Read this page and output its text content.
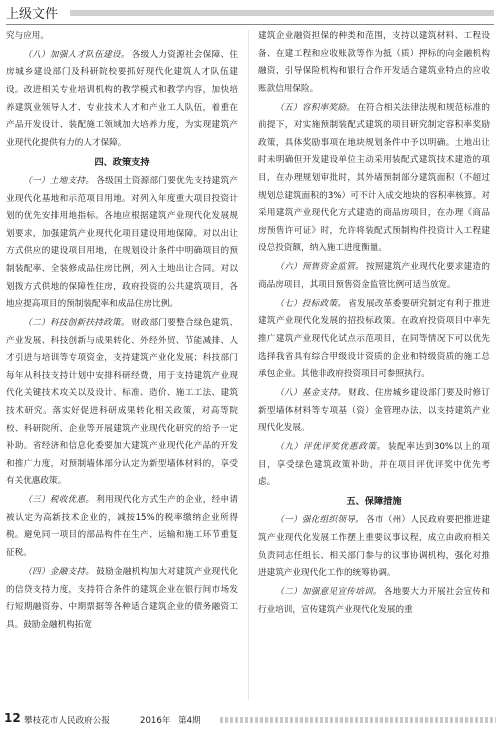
上级文件

究与应用。

（八）加强人才队伍建设。 各级人力资源社会保障、住房城乡建设部门及科研院校要抓好现代化建筑人才队伍建设。改进相关专业培训机构的教学模式和教学内容，加快培养建筑业领导人才、专业技术人才和产业工人队伍，着重在产品开发设计、装配施工领域加大培养力度，为实现建筑产业现代化提供有力的人才保障。

四、政策支持

（一）土地支持。 各级国土资源部门要优先支持建筑产业现代化基地和示范项目用地。对列入年度重大项目投资计划的优先安排用地指标。各地应根据建筑产业现代化发展规划要求，加强建筑产业现代化项目建设用地保障。对以出让方式供应的建设项目用地，在规划设计条件中明确项目的预制装配率、全装修成品住房比例，列入土地出让合同。对以划拨方式供地的保障性住房，政府投资的公共建筑项目，各地应提高项目的预制装配率和成品住房比例。

（二）科技创新扶持政策。 财政部门要整合绿色建筑、产业发展、科技创新与成果转化、外经外贸、节能减排、人才引进与培训等专项资金，支持建筑产业化发展；科技部门每年从科技支持计划中安排科研经费，用于支持建筑产业现代化关键技术攻关以及设计、标准、造价、施工工法、建筑技术研究。落实好促进科研成果转化相关政策，对高等院校、科研院所、企业等开展建筑产业现代化研究的给予一定补助。省经济和信息化委要加大建筑产业现代化产品的开发和推广力度，对预制墙体部分认定为新型墙体材料的，享受有关优惠政策。

（三）税收优惠。 利用现代化方式生产的企业，经申请被认定为高新技术企业的，减按15%的税率缴纳企业所得税。避免同一项目的部品构件在生产、运输和施工环节重复征税。

（四）金融支持。 鼓励金融机构加大对建筑产业现代化的信贷支持力度，支持符合条件的建筑企业在银行间市场发行短期融资券、中期票据等各种适合建筑企业的债务融资工具。鼓励金融机构拓宽

建筑企业融资担保的种类和范围，支持以建筑材料、工程设备、在建工程和应收账款等作为抵（质）押标的向金融机构融资，引导保险机构和银行合作开发适合建筑业特点的应收账款信用保险。

（五）容积率奖励。 在符合相关法律法规和规范标准的前提下，对实施预制装配式建筑的项目研究制定容积率奖励政策，具体奖励事项在地块规划条件中予以明确。土地出让时未明确但开发建设单位主动采用装配式建筑技术建造的项目，在办理规划审批时，其外墙预制部分建筑面积（不超过规划总建筑面积的3%）可不计入成交地块的容积率核算。对采用建筑产业现代化方式建造的商品房项目，在办理《商品房预售许可证》时，允许将装配式预制构件投资计入工程建设总投资额，纳入施工进度衡量。

（六）预售资金监管。 按照建筑产业现代化要求建造的商品房项目，其项目预售资金监管比例可适当放宽。

（七）投标政策。 省发展改革委要研究制定有利于推进建筑产业现代化发展的招投标政策。在政府投资项目中率先推广建筑产业现代化试点示范项目，在同等情况下可以优先选择我省具有综合甲级设计资质的企业和特级资质的施工总承包企业。其他非政府投资项目可参照执行。

（八）基金支持。 财政、住房城乡建设部门要及时修订新型墙体材料等专项基（资）金管理办法，以支持建筑产业现代化发展。

（九）评优评奖优惠政策。 装配率达到30%以上的项目，享受绿色建筑政策补助，并在项目评优评奖中优先考虑。

五、保障措施

（一）强化组织领导。 各市（州）人民政府要把推进建筑产业现代化发展工作摆上重要议事议程，成立由政府相关负责同志任组长、相关部门参与的议事协调机构，强化对推进建筑产业现代化工作的统筹协调。

（二）加强意见宣传培训。 各地要大力开展社会宣传和行业培训，宣传建筑产业现代化发展的重

12 攀枝花市人民政府公报	2016年 第4期
